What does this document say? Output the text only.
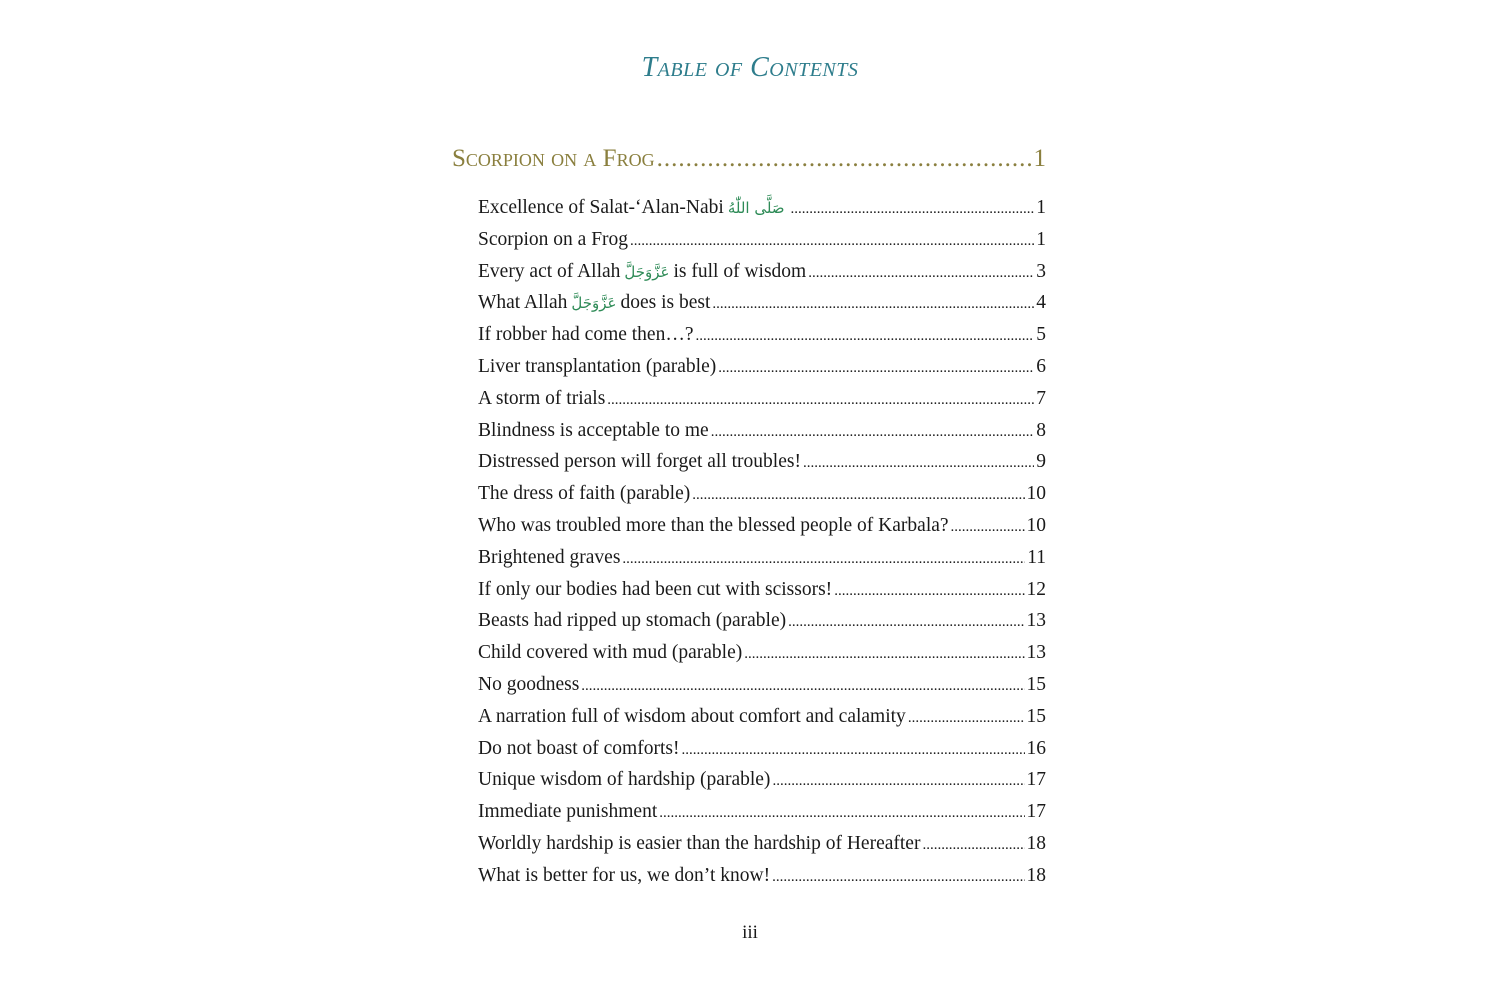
Table of Contents
Scorpion on a Frog .....	1
Excellence of Salat-‘Alan-Nabi صَلَّى اللّٰهُ .....	1
Scorpion on a Frog .....	1
Every act of Allah عَزَّوَجَلَّ is full of wisdom .....	3
What Allah عَزَّوَجَلَّ does is best .....	4
If robber had come then…? .....	5
Liver transplantation (parable) .....	6
A storm of trials .....	7
Blindness is acceptable to me .....	8
Distressed person will forget all troubles! .....	9
The dress of faith (parable) .....	10
Who was troubled more than the blessed people of Karbala? .....	10
Brightened graves .....	11
If only our bodies had been cut with scissors! .....	12
Beasts had ripped up stomach (parable) .....	13
Child covered with mud (parable) .....	13
No goodness .....	15
A narration full of wisdom about comfort and calamity .....	15
Do not boast of comforts! .....	16
Unique wisdom of hardship (parable) .....	17
Immediate punishment .....	17
Worldly hardship is easier than the hardship of Hereafter .....	18
What is better for us, we don’t know! .....	18
iii
